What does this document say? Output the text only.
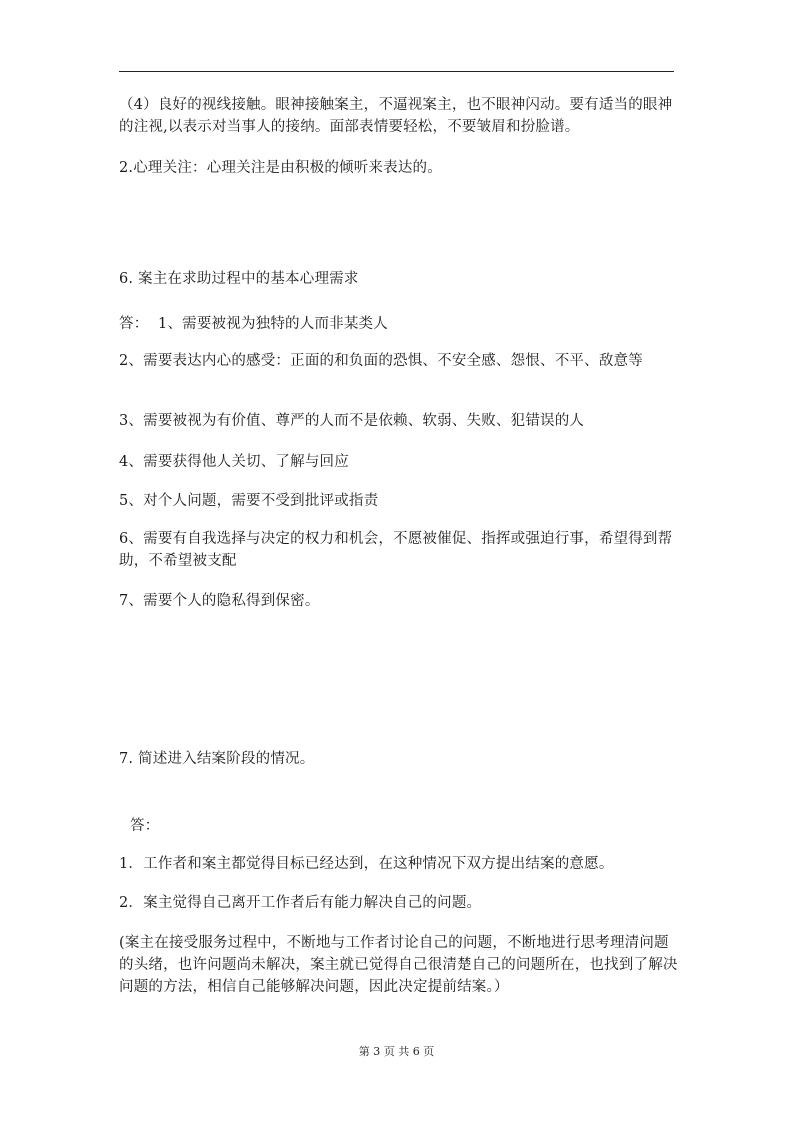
（4）良好的视线接触。眼神接触案主，不逼视案主，也不眼神闪动。要有适当的眼神的注视,以表示对当事人的接纳。面部表情要轻松，不要皱眉和扮脸谱。

2.心理关注：心理关注是由积极的倾听来表达的。

6. 案主在求助过程中的基本心理需求

答：  1、需要被视为独特的人而非某类人

2、需要表达内心的感受：正面的和负面的恐惧、不安全感、怨恨、不平、敌意等

3、需要被视为有价值、尊严的人而不是依赖、软弱、失败、犯错误的人

4、需要获得他人关切、了解与回应

5、对个人问题，需要不受到批评或指责

6、需要有自我选择与决定的权力和机会，不愿被催促、指挥或强迫行事，希望得到帮助，不希望被支配

7、需要个人的隐私得到保密。

7. 简述进入结案阶段的情况。

答：

1．工作者和案主都觉得目标已经达到，在这种情况下双方提出结案的意愿。

2．案主觉得自己离开工作者后有能力解决自己的问题。

(案主在接受服务过程中，不断地与工作者讨论自己的问题，不断地进行思考理清问题的头绪，也许问题尚未解决，案主就已觉得自己很清楚自己的问题所在，也找到了解决问题的方法，相信自己能够解决问题，因此决定提前结案。）

第 3 页 共 6 页
